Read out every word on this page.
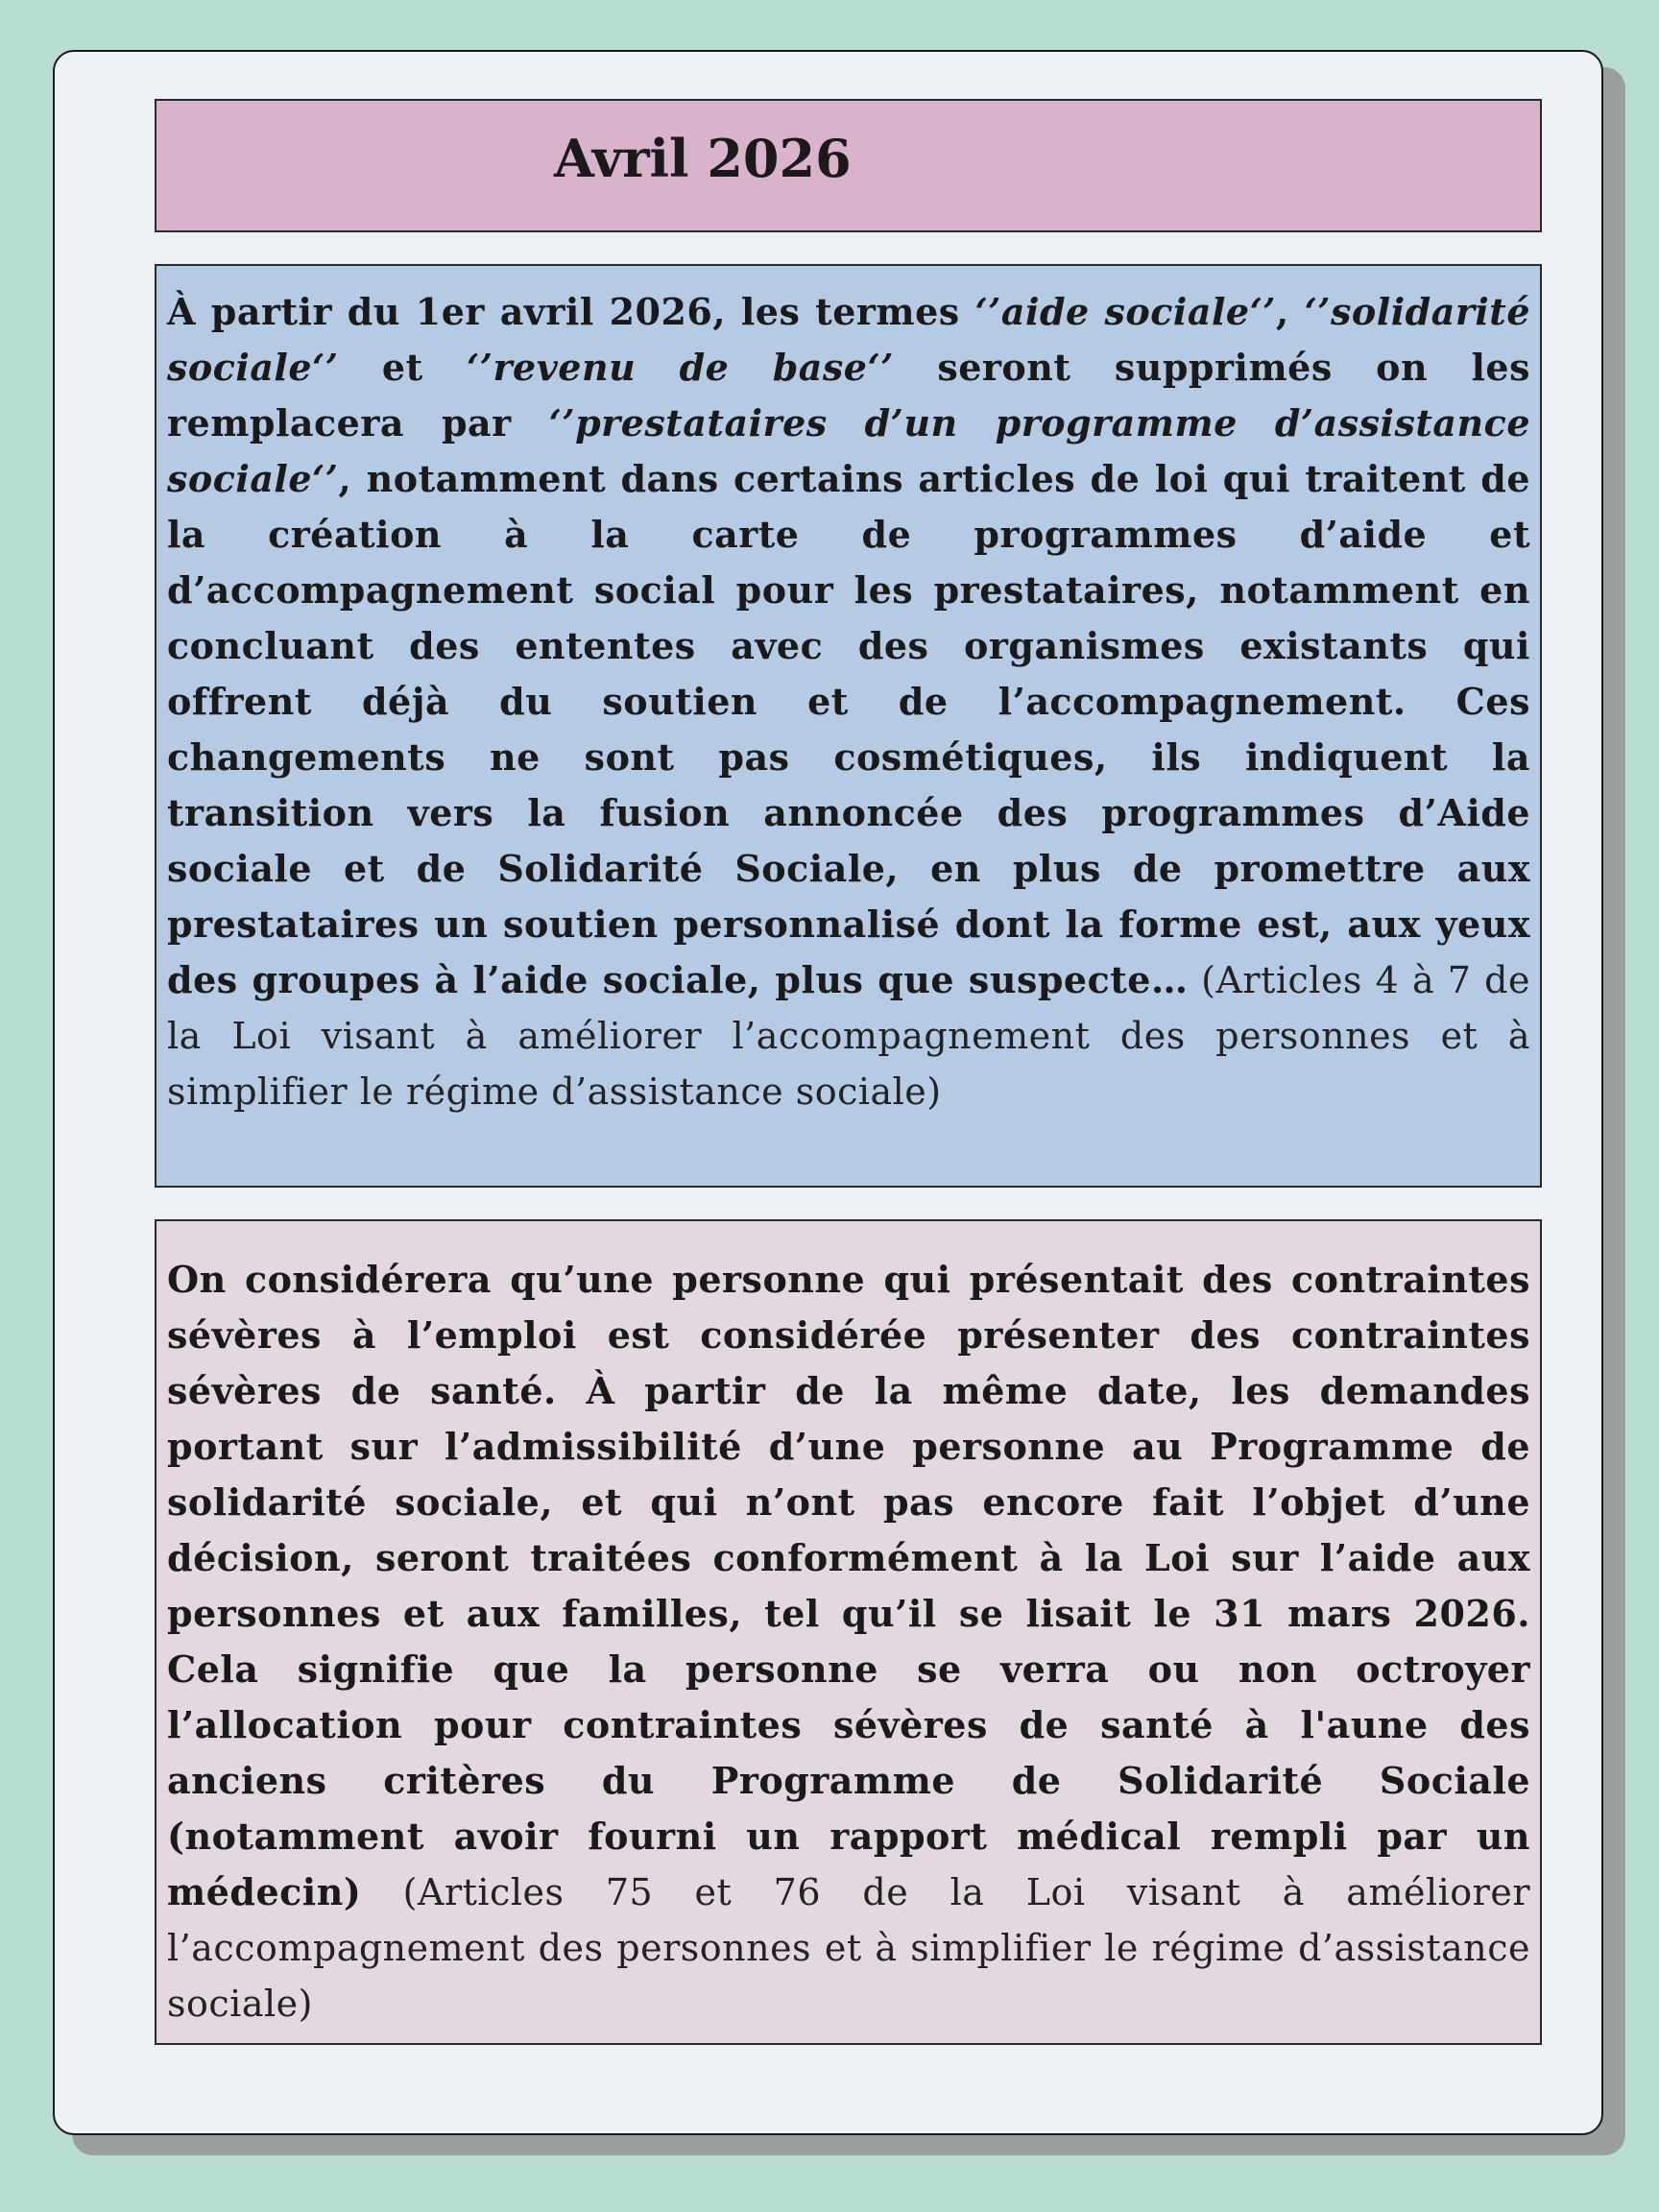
Avril 2026

À partir du 1er avril 2026, les termes ‘’aide sociale‘’, ‘’solidarité sociale‘’ et ‘’revenu de base‘’ seront supprimés on les remplacera par ‘’prestataires d’un programme d’assistance sociale‘’, notamment dans certains articles de loi qui traitent de la création à la carte de programmes d’aide et d’accompagnement social pour les prestataires, notamment en concluant des ententes avec des organismes existants qui offrent déjà du soutien et de l’accompagnement. Ces changements ne sont pas cosmétiques, ils indiquent la transition vers la fusion annoncée des programmes d’Aide sociale et de Solidarité Sociale, en plus de promettre aux prestataires un soutien personnalisé dont la forme est, aux yeux des groupes à l’aide sociale, plus que suspecte… (Articles 4 à 7 de la Loi visant à améliorer l’accompagnement des personnes et à simplifier le régime d’assistance sociale)

On considérera qu’une personne qui présentait des contraintes sévères à l’emploi est considérée présenter des contraintes sévères de santé. À partir de la même date, les demandes portant sur l’admissibilité d’une personne au Programme de solidarité sociale, et qui n’ont pas encore fait l’objet d’une décision, seront traitées conformément à la Loi sur l’aide aux personnes et aux familles, tel qu’il se lisait le 31 mars 2026. Cela signifie que la personne se verra ou non octroyer l’allocation pour contraintes sévères de santé à l'aune des anciens critères du Programme de Solidarité Sociale (notamment avoir fourni un rapport médical rempli par un médecin) (Articles 75 et 76 de la Loi visant à améliorer l’accompagnement des personnes et à simplifier le régime d’assistance sociale)
